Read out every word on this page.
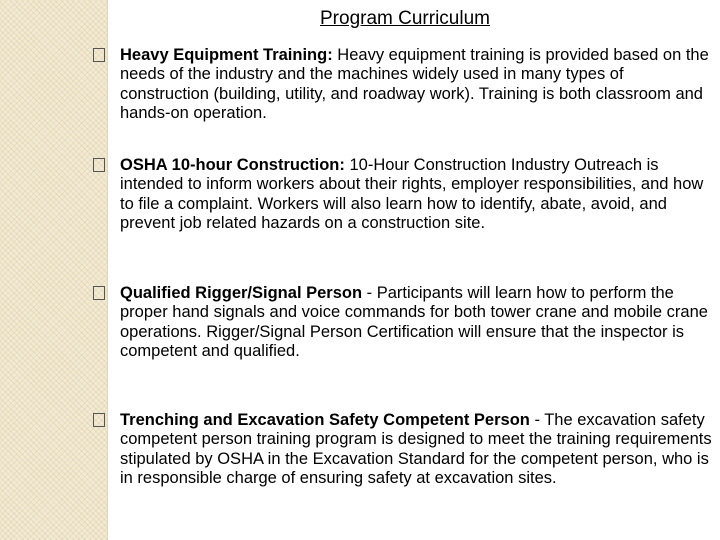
Program Curriculum
Heavy Equipment Training: Heavy equipment training is provided based on the needs of the industry and the machines widely used in many types of construction (building, utility, and roadway work). Training is both classroom and hands-on operation.
OSHA 10-hour Construction: 10-Hour Construction Industry Outreach is intended to inform workers about their rights, employer responsibilities, and how to file a complaint. Workers will also learn how to identify, abate, avoid, and prevent job related hazards on a construction site.
Qualified Rigger/Signal Person - Participants will learn how to perform the proper hand signals and voice commands for both tower crane and mobile crane operations. Rigger/Signal Person Certification will ensure that the inspector is competent and qualified.
Trenching and Excavation Safety Competent Person - The excavation safety competent person training program is designed to meet the training requirements stipulated by OSHA in the Excavation Standard for the competent person, who is in responsible charge of ensuring safety at excavation sites.
